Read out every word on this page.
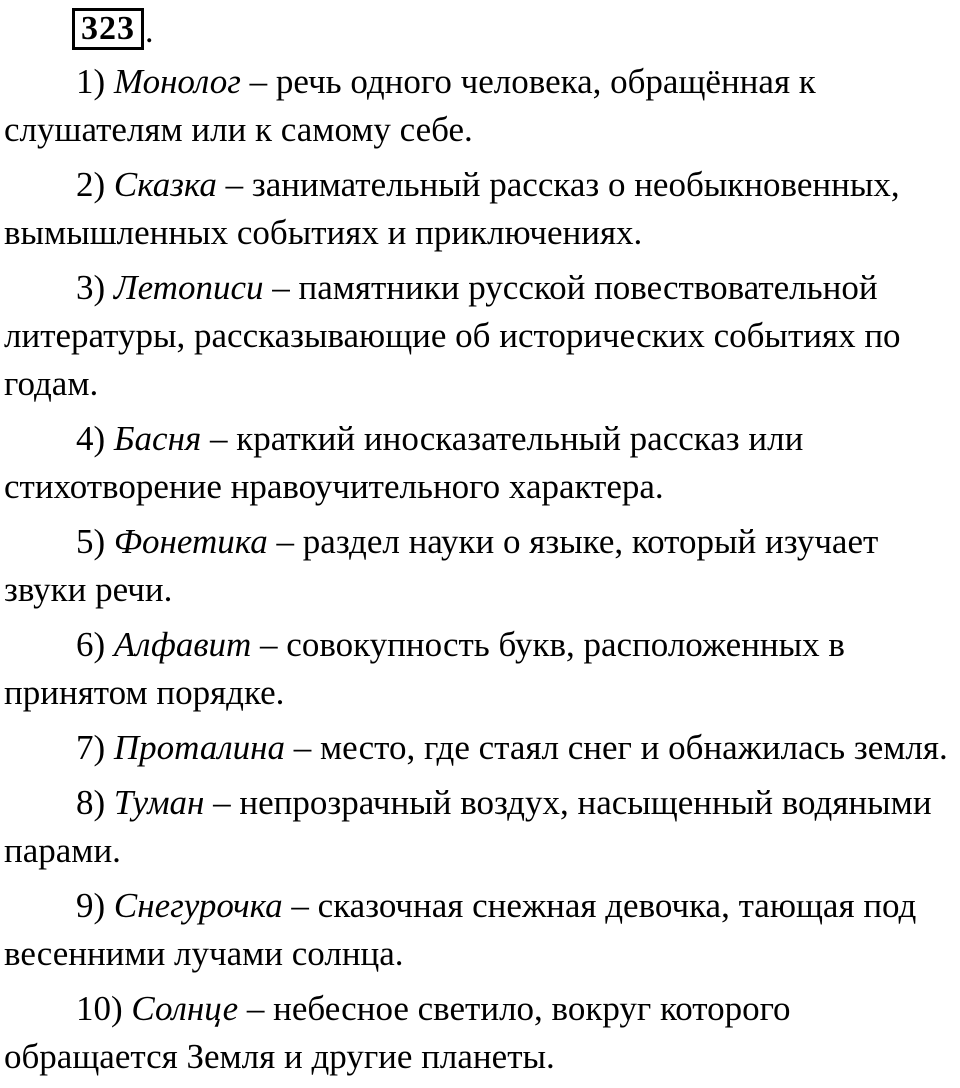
323 .
1) Монолог – речь одного человека, обращённая к слушателям или к самому себе.
2) Сказка – занимательный рассказ о необыкновенных, вымышленных событиях и приключениях.
3) Летописи – памятники русской повествовательной литературы, рассказывающие об исторических событиях по годам.
4) Басня – краткий иносказательный рассказ или стихотворение нравоучительного характера.
5) Фонетика – раздел науки о языке, который изучает звуки речи.
6) Алфавит – совокупность букв, расположенных в принятом порядке.
7) Проталина – место, где стаял снег и обнажилась земля.
8) Туман – непрозрачный воздух, насыщенный водяными парами.
9) Снегурочка – сказочная снежная девочка, тающая под весенними лучами солнца.
10) Солнце – небесное светило, вокруг которого обращается Земля и другие планеты.
